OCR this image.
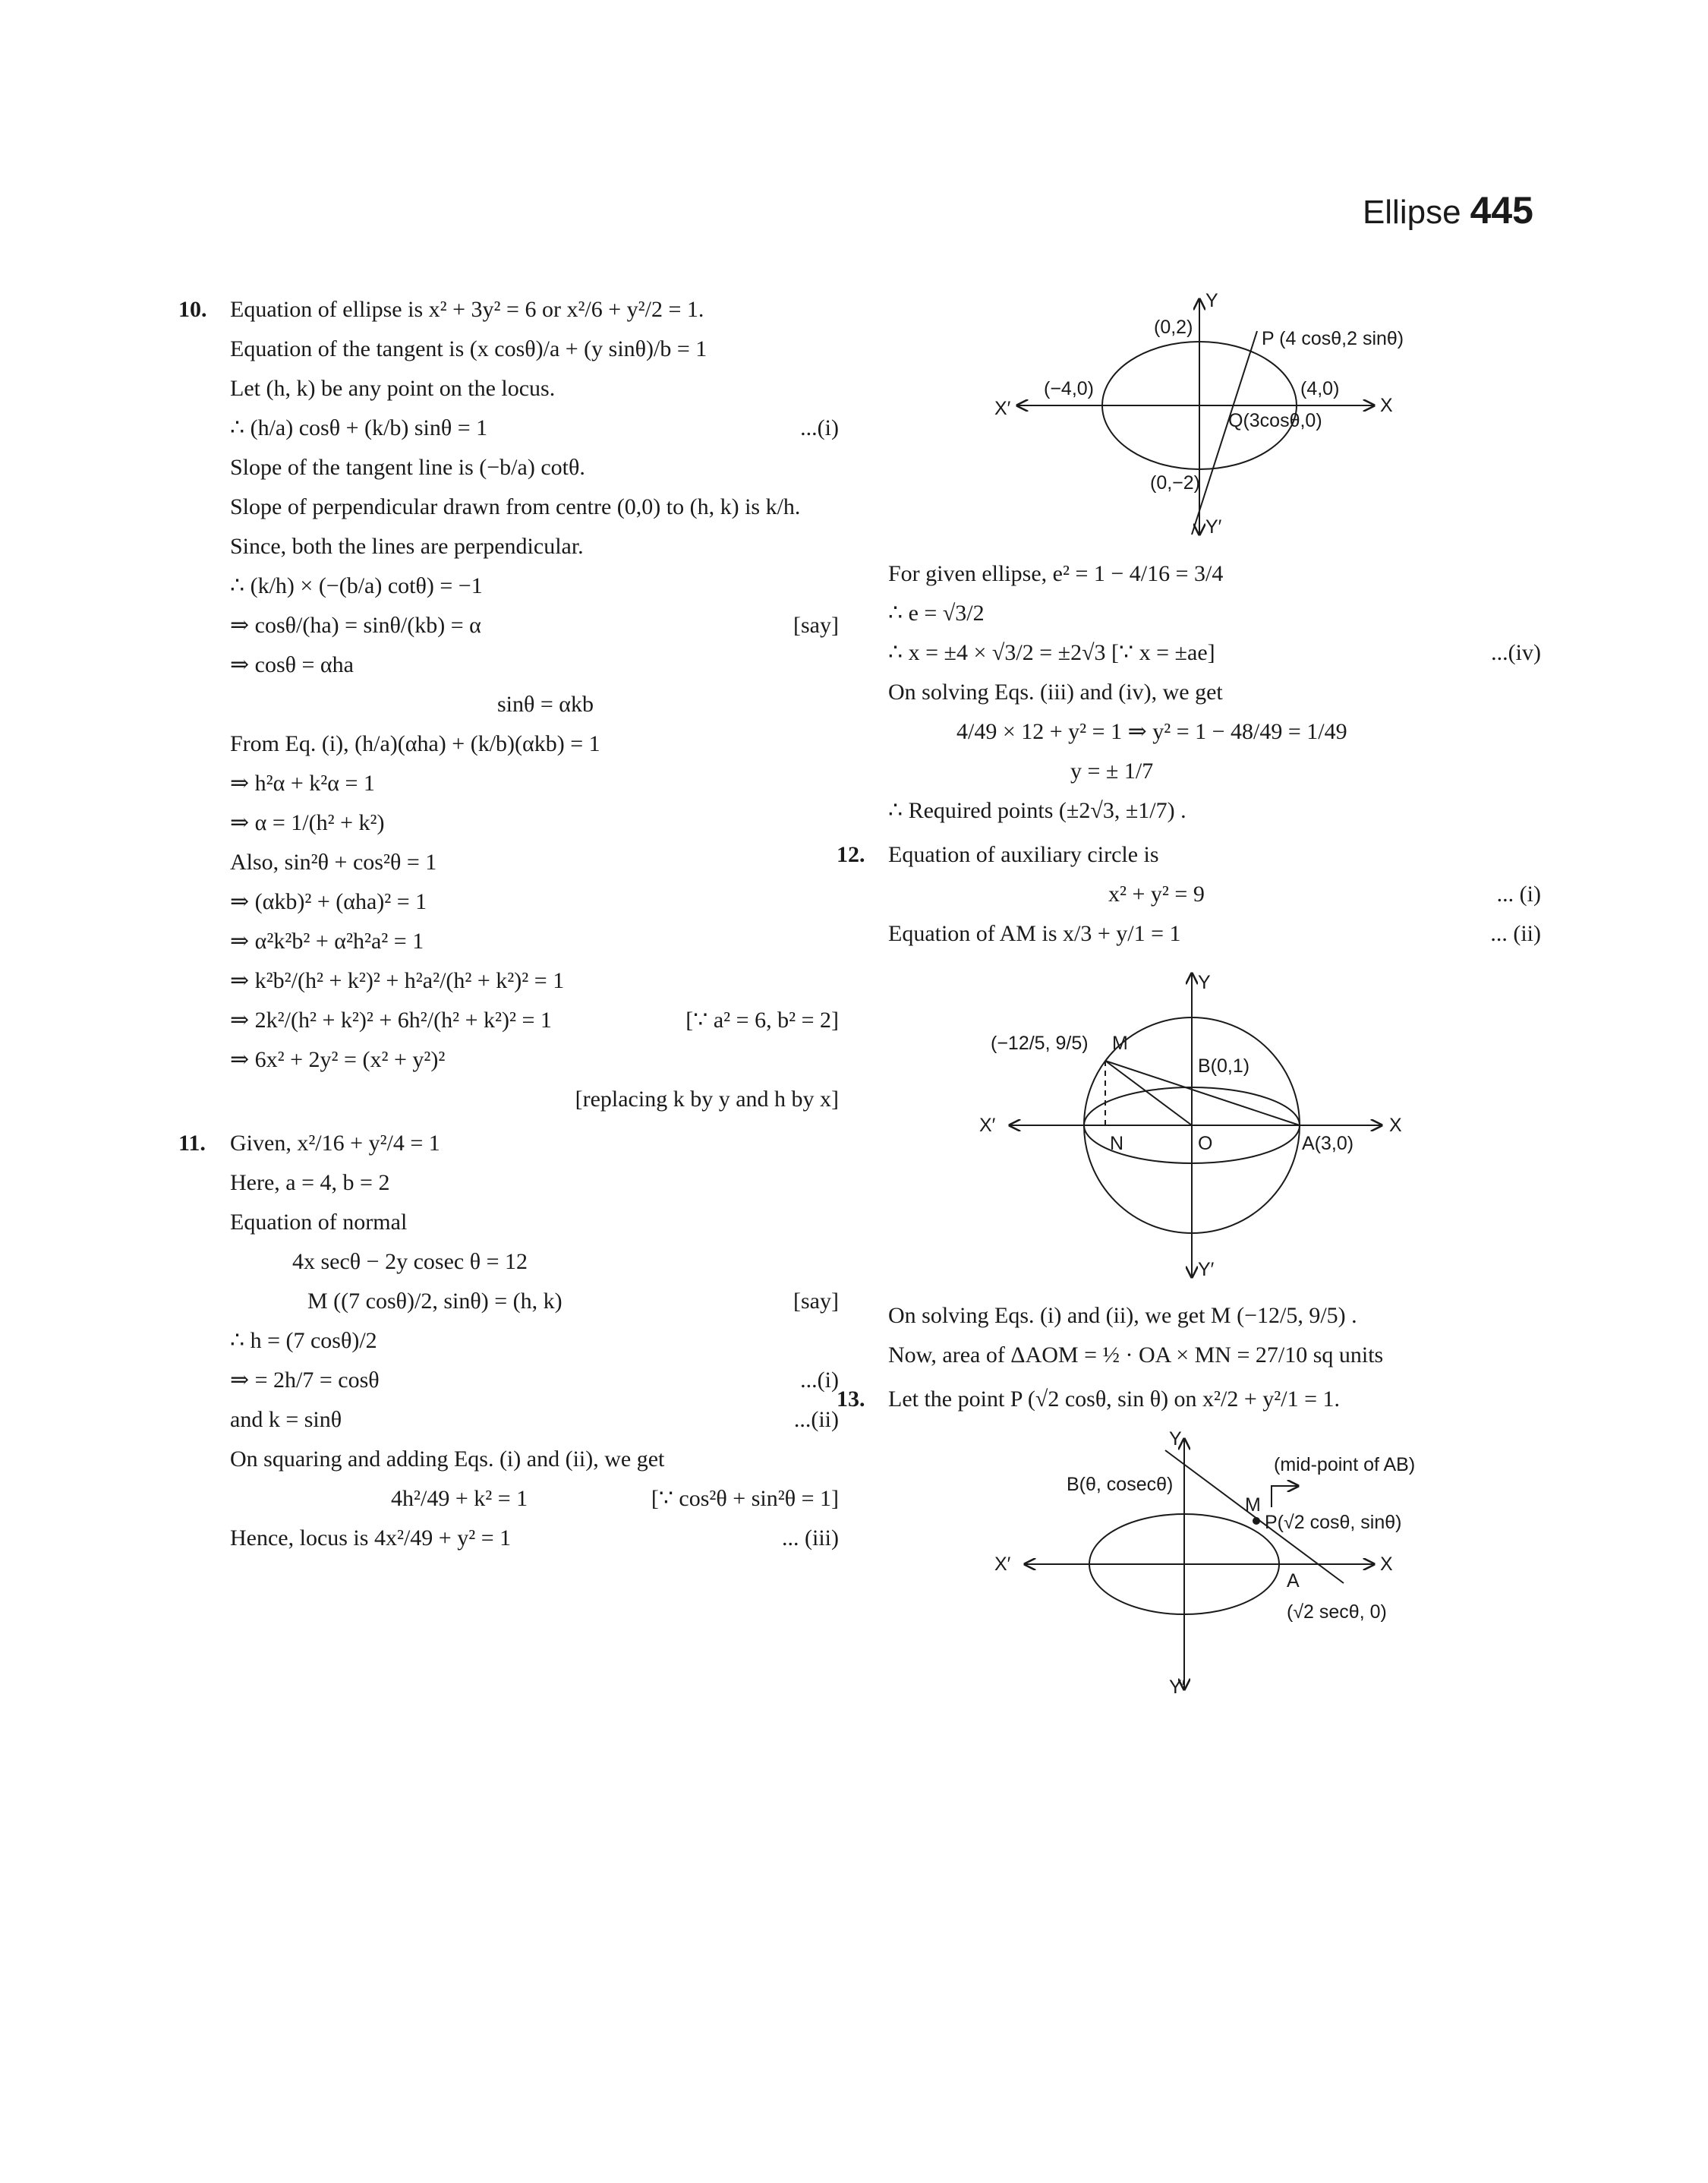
Ellipse 445
10.	Equation of ellipse is x² + 3y² = 6 or x²/6 + y²/2 = 1.
Equation of the tangent is (x cosθ)/a + (y sinθ)/b = 1
Let (h, k) be any point on the locus.
∴ (h/a) cosθ + (k/b) sinθ = 1	...(i)
Slope of the tangent line is (−b/a) cotθ.
Slope of perpendicular drawn from centre (0,0) to (h, k) is k/h.
Since, both the lines are perpendicular.
∴ (k/h) × (−(b/a) cotθ) = −1
⇒ cosθ/(ha) = sinθ/(kb) = α	[say]
⇒ cosθ = αha
sinθ = αkb
From Eq. (i), (h/a)(αha) + (k/b)(αkb) = 1
⇒ h²α + k²α = 1
⇒ α = 1/(h² + k²)
Also, sin²θ + cos²θ = 1
⇒ (αkb)² + (αha)² = 1
⇒ α²k²b² + α²h²a² = 1
⇒ k²b²/(h² + k²)² + h²a²/(h² + k²)² = 1
⇒ 2k²/(h² + k²)² + 6h²/(h² + k²)² = 1	[∵ a² = 6, b² = 2]
⇒ 6x² + 2y² = (x² + y²)²
[replacing k by y and h by x]
11.	Given, x²/16 + y²/4 = 1
Here, a = 4, b = 2
Equation of normal
4x secθ − 2y cosec θ = 12
M ((7 cosθ)/2, sinθ) = (h, k)	[say]
∴ h = (7 cosθ)/2
⇒ = 2h/7 = cosθ	...(i)
and k = sinθ	...(ii)
On squaring and adding Eqs. (i) and (ii), we get
4h²/49 + k² = 1	[∵ cos²θ + sin²θ = 1]
Hence, locus is 4x²/49 + y² = 1	... (iii)
Y
Y′
X
X′
(0,2)
(0,−2)
(−4,0)	(4,0)
P (4 cosθ,2 sinθ)
Q(3cosθ,0)
For given ellipse, e² = 1 − 4/16 = 3/4
∴ e = √3/2
∴ x = ±4 × √3/2 = ±2√3 [∵ x = ±ae]	...(iv)
On solving Eqs. (iii) and (iv), we get
4/49 × 12 + y² = 1 ⇒ y² = 1 − 48/49 = 1/49
y = ± 1/7
∴ Required points (±2√3, ±1/7) .
12.	Equation of auxiliary circle is
x² + y² = 9	... (i)
Equation of AM is x/3 + y/1 = 1	... (ii)
Y
Y′
X
X′
M
(−12/5, 9/5)
B(0,1)
O
N	A(3,0)
On solving Eqs. (i) and (ii), we get M (−12/5, 9/5) .
Now, area of ΔAOM = ½ · OA × MN = 27/10 sq units
13.	Let the point P (√2 cosθ, sin θ) on x²/2 + y²/1 = 1.
Y
Y′
X
X′
B(θ, cosecθ)
(mid-point of AB)
M
P(√2 cosθ, sinθ)
A
(√2 secθ, 0)
